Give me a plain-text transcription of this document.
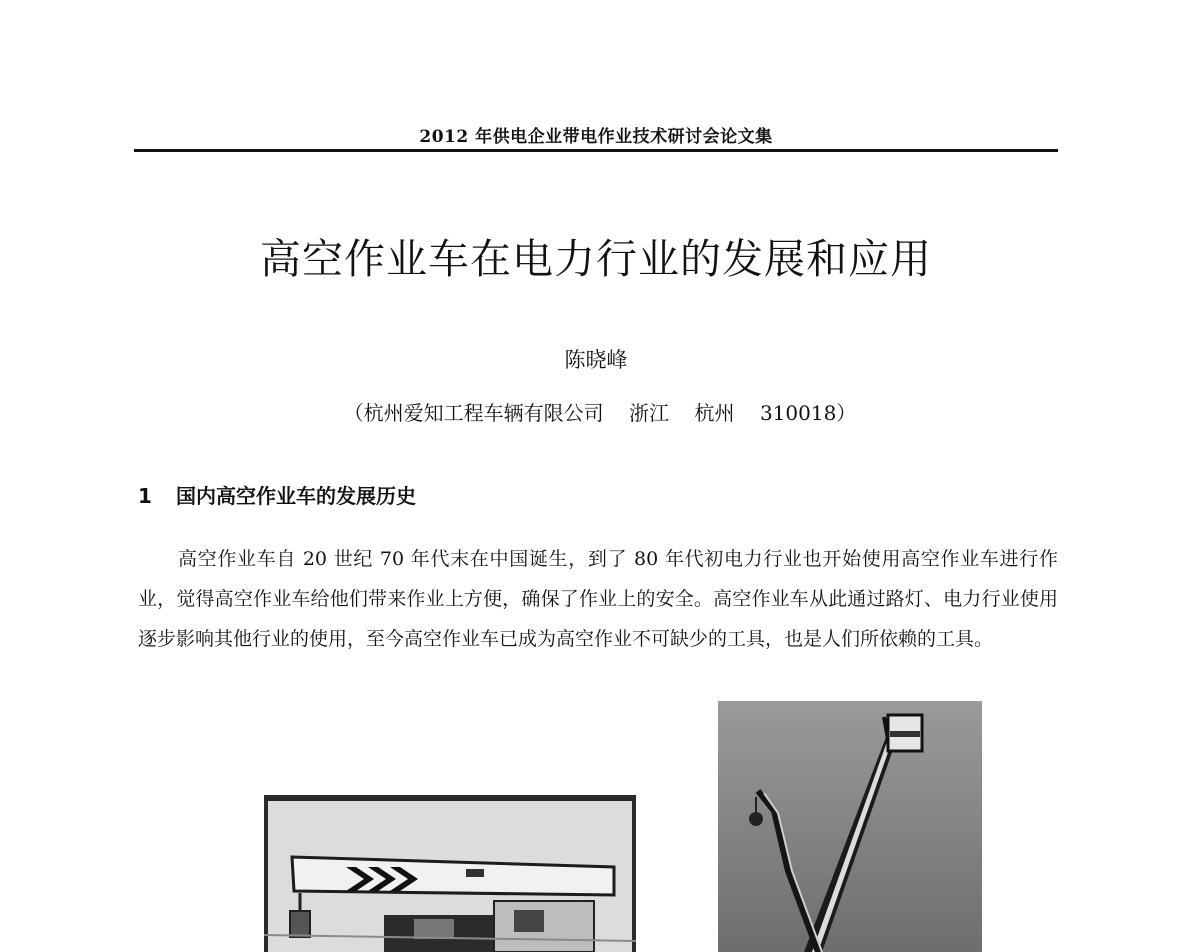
2012 年供电企业带电作业技术研讨会论文集
高空作业车在电力行业的发展和应用
陈晓峰
（杭州爱知工程车辆有限公司    浙江    杭州    310018）
1 国内高空作业车的发展历史

高空作业车自 20 世纪 70 年代末在中国诞生，到了 80 年代初电力行业也开始使用高空作业车进行作业，觉得高空作业车给他们带来作业上方便，确保了作业上的安全。高空作业车从此通过路灯、电力行业使用逐步影响其他行业的使用，至今高空作业车已成为高空作业不可缺少的工具，也是人们所依赖的工具。
